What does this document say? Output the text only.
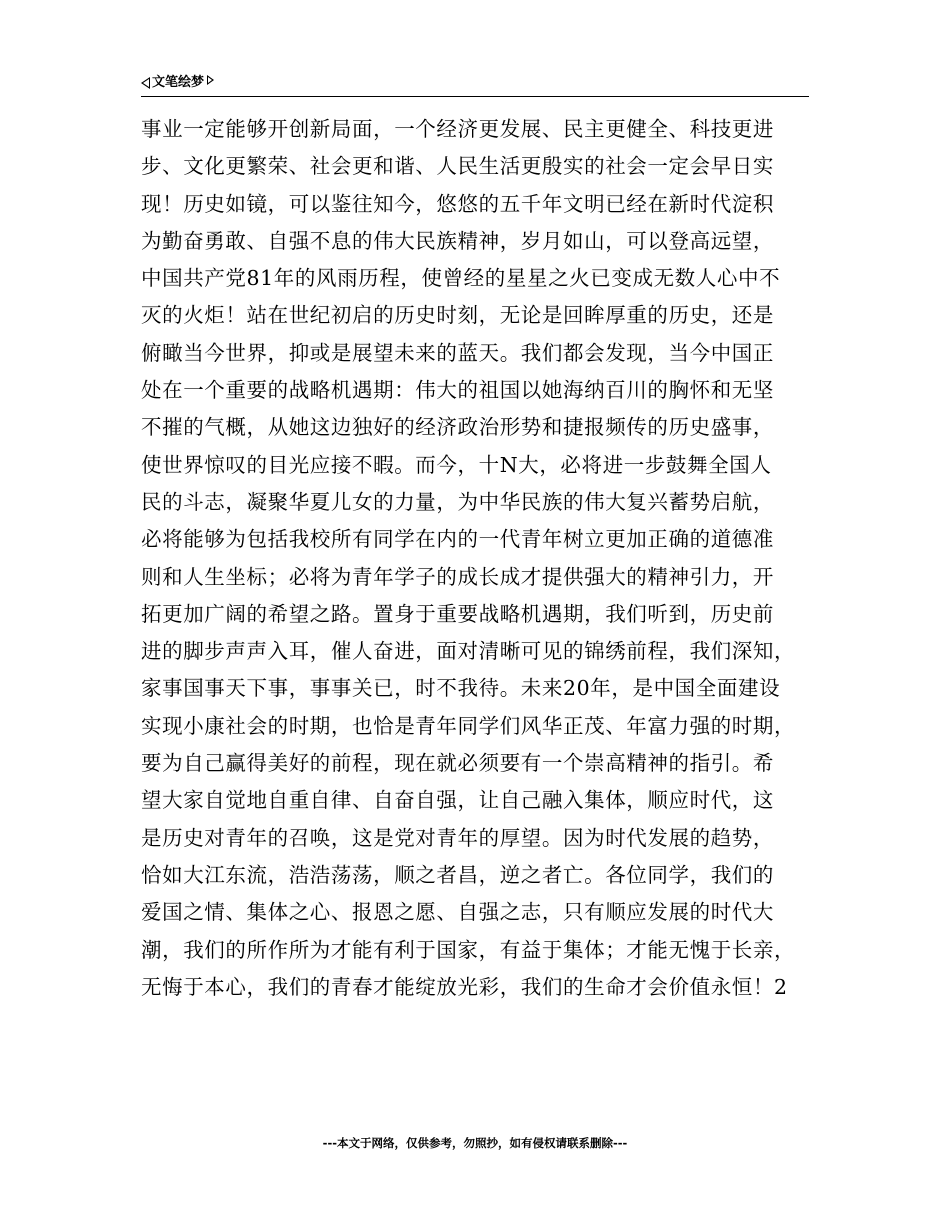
文笔绘梦
事业一定能够开创新局面，一个经济更发展、民主更健全、科技更进
步、文化更繁荣、社会更和谐、人民生活更殷实的社会一定会早日实
现！历史如镜，可以鉴往知今，悠悠的五千年文明已经在新时代淀积
为勤奋勇敢、自强不息的伟大民族精神，岁月如山，可以登高远望，
中国共产党81年的风雨历程，使曾经的星星之火已变成无数人心中不
灭的火炬！站在世纪初启的历史时刻，无论是回眸厚重的历史，还是
俯瞰当今世界，抑或是展望未来的蓝天。我们都会发现，当今中国正
处在一个重要的战略机遇期：伟大的祖国以她海纳百川的胸怀和无坚
不摧的气概，从她这边独好的经济政治形势和捷报频传的历史盛事，
使世界惊叹的目光应接不暇。而今，十N大，必将进一步鼓舞全国人
民的斗志，凝聚华夏儿女的力量，为中华民族的伟大复兴蓄势启航，
必将能够为包括我校所有同学在内的一代青年树立更加正确的道德准
则和人生坐标；必将为青年学子的成长成才提供强大的精神引力，开
拓更加广阔的希望之路。置身于重要战略机遇期，我们听到，历史前
进的脚步声声入耳，催人奋进，面对清晰可见的锦绣前程，我们深知，
家事国事天下事，事事关已，时不我待。未来20年，是中国全面建设
实现小康社会的时期，也恰是青年同学们风华正茂、年富力强的时期，
要为自己赢得美好的前程，现在就必须要有一个崇高精神的指引。希
望大家自觉地自重自律、自奋自强，让自己融入集体，顺应时代，这
是历史对青年的召唤，这是党对青年的厚望。因为时代发展的趋势，
恰如大江东流，浩浩荡荡，顺之者昌，逆之者亡。各位同学，我们的
爱国之情、集体之心、报恩之愿、自强之志，只有顺应发展的时代大
潮，我们的所作所为才能有利于国家，有益于集体；才能无愧于长亲，
无悔于本心，我们的青春才能绽放光彩，我们的生命才会价值永恒！2
---本文于网络，仅供参考，勿照抄，如有侵权请联系删除---
